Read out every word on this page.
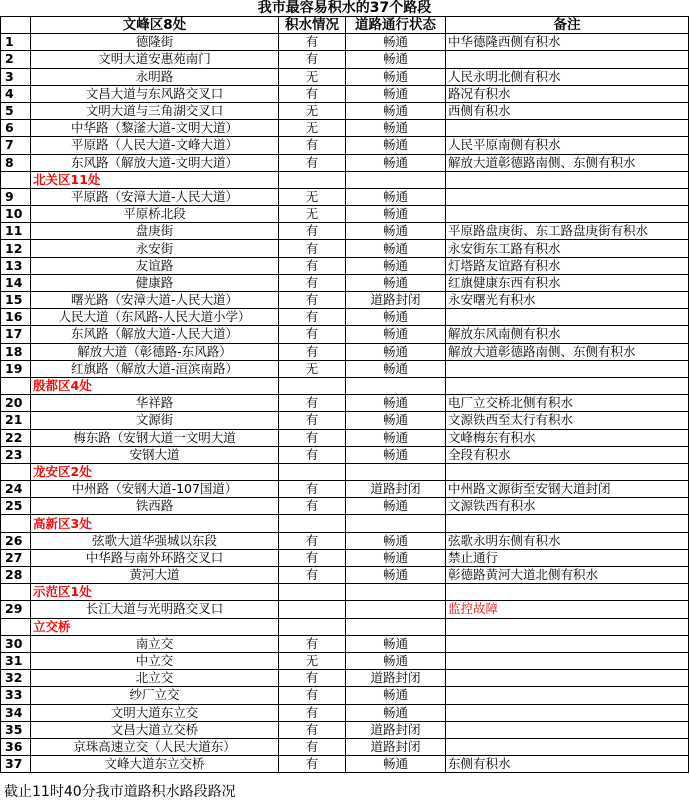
我市最容易积水的37个路段				
	文峰区8处	积水情况	道路通行状态	备注
1	德隆街	有	畅通	中华德隆西侧有积水
2	文明大道安惠苑南门	有	畅通	
3	永明路	无	畅通	人民永明北侧有积水
4	文昌大道与东风路交叉口	有	畅通	路况有积水
5	文明大道与三角湖交叉口	无	畅通	西侧有积水
6	中华路（黎滏大道-文明大道）	无	畅通	
7	平原路（人民大道-文峰大道）	有	畅通	人民平原南侧有积水
8	东风路（解放大道-文明大道）	有	畅通	解放大道彰德路南侧、东侧有积水
	北关区11处			
9	平原路（安漳大道-人民大道）	无	畅通	
10	平原桥北段	无	畅通	
11	盘庚街	有	畅通	平原路盘庚街、东工路盘庚街有积水
12	永安街	有	畅通	永安街东工路有积水
13	友谊路	有	畅通	灯塔路友谊路有积水
14	健康路	有	畅通	红旗健康东西有积水
15	曙光路（安漳大道-人民大道）	有	道路封闭	永安曙光有积水
16	人民大道（东风路-人民大道小学）	有	畅通	
17	东风路（解放大道-人民大道）	有	畅通	解放东风南侧有积水
18	解放大道（彰德路-东风路）	有	畅通	解放大道彰德路南侧、东侧有积水
19	红旗路（解放大道-洹滨南路）	无	畅通	
	殷都区4处			
20	华祥路	有	畅通	电厂立交桥北侧有积水
21	文源街	有	畅通	文源铁西至太行有积水
22	梅东路（安钢大道一文明大道	有	畅通	文峰梅东有积水
23	安钢大道	有	畅通	全段有积水
	龙安区2处			
24	中州路（安钢大道-107国道）	有	道路封闭	中州路文源街至安钢大道封闭
25	铁西路	有	畅通	文源铁西有积水
	高新区3处			
26	弦歌大道华强城以东段	有	畅通	弦歌永明东侧有积水
27	中华路与南外环路交叉口	有	畅通	禁止通行
28	黄河大道	有	畅通	彰德路黄河大道北侧有积水
	示范区1处			
29	长江大道与光明路交叉口			监控故障
	立交桥			
30	南立交	有	畅通	
31	中立交	无	畅通	
32	北立交	有	道路封闭	
33	纱厂立交	有	畅通	
34	文明大道东立交	有	畅通	
35	文昌大道立交桥	有	道路封闭	
36	京珠高速立交（人民大道东）	有	道路封闭	
37	文峰大道东立交桥	有	畅通	东侧有积水
截止11时40分我市道路积水路段路况
